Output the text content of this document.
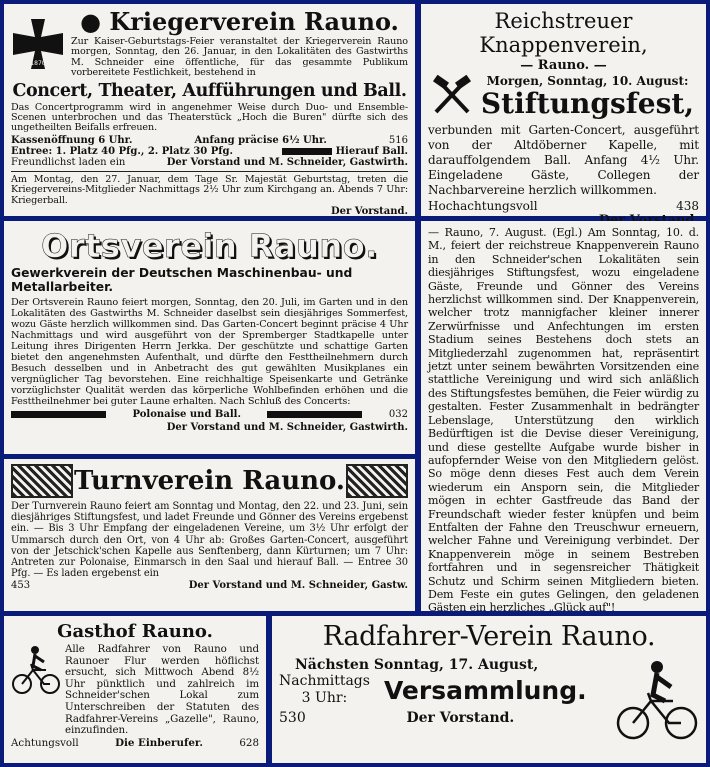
1870
● Kriegerverein Rauno.
Zur Kaiser-Geburtstags-Feier veranstaltet der Kriegerverein Rauno morgen, Sonntag, den 26. Januar, in den Lokalitäten des Gastwirths M. Schneider eine öffentliche, für das gesammte Publikum vorbereitete Festlichkeit, bestehend in
Concert, Theater, Aufführungen und Ball.
Das Concertprogramm wird in angenehmer Weise durch Duo- und Ensemble-Scenen unterbrochen und das Theaterstück „Hoch die Buren" dürfte sich des ungetheilten Beifalls erfreuen.
Kassenöffnung 6 Uhr.	Anfang präcise 6½ Uhr.	516
Entree: 1. Platz 40 Pfg., 2. Platz 30 Pfg.	Hierauf Ball.
Freundlichst laden ein	Der Vorstand und M. Schneider, Gastwirth.
Am Montag, den 27. Januar, dem Tage Sr. Majestät Geburtstag, treten die Kriegervereins-Mitglieder Nachmittags 2½ Uhr zum Kirchgang an. Abends 7 Uhr: Kriegerball.
Der Vorstand.
Reichstreuer Knappenverein,
— Rauno. —
Morgen, Sonntag, 10. August:
Stiftungsfest,
verbunden mit Garten-Concert, ausgeführt von der Altdöberner Kapelle, mit darauffolgendem Ball. Anfang 4½ Uhr. Eingeladene Gäste, Collegen der Nachbarvereine herzlich willkommen.
Hochachtungsvoll	438
Ortsverein Rauno.
Gewerkverein der Deutschen Maschinenbau- und Metallarbeiter.
Der Ortsverein Rauno feiert morgen, Sonntag, den 20. Juli, im Garten und in den Lokalitäten des Gastwirths M. Schneider daselbst sein diesjähriges Sommerfest, wozu Gäste herzlich willkommen sind. Das Garten-Concert beginnt präcise 4 Uhr Nachmittags und wird ausgeführt von der Spremberger Stadtkapelle unter Leitung ihres Dirigenten Herrn Jerkka. Der geschützte und schattige Garten bietet den angenehmsten Aufenthalt, und dürfte den Festtheilnehmern durch Besuch desselben und in Anbetracht des gut gewählten Musikplanes ein vergnüglicher Tag bevorstehen. Eine reichhaltige Speisenkarte und Getränke vorzüglichster Qualität werden das körperliche Wohlbefinden erhöhen und die Festtheilnehmer bei guter Laune erhalten. Nach Schluß des Concerts:
Polonaise und Ball.	032
Der Vorstand und M. Schneider, Gastwirth.
— Rauno, 7. August. (Egl.) Am Sonntag, 10. d. M., feiert der reichstreue Knappenverein Rauno in den Schneider'schen Lokalitäten sein diesjähriges Stiftungsfest, wozu eingeladene Gäste, Freunde und Gönner des Vereins herzlichst willkommen sind. Der Knappenverein, welcher trotz mannigfacher kleiner innerer Zerwürfnisse und Anfechtungen im ersten Stadium seines Bestehens doch stets an Mitgliederzahl zugenommen hat, repräsentirt jetzt unter seinem bewährten Vorsitzenden eine stattliche Vereinigung und wird sich anläßlich des Stiftungsfestes bemühen, die Feier würdig zu gestalten. Fester Zusammenhalt in bedrängter Lebenslage, Unterstützung den wirklich Bedürftigen ist die Devise dieser Vereinigung, und diese gestellte Aufgabe wurde bisher in aufopfernder Weise von den Mitgliedern gelöst. So möge denn dieses Fest auch dem Verein wiederum ein Ansporn sein, die Mitglieder mögen in echter Gastfreude das Band der Freundschaft wieder fester knüpfen und beim Entfalten der Fahne den Treuschwur erneuern, welcher Fahne und Vereinigung verbindet. Der Knappenverein möge in seinem Bestreben fortfahren und in segensreicher Thätigkeit Schutz und Schirm seinen Mitgliedern bieten. Dem Feste ein gutes Gelingen, den geladenen Gästen ein herzliches „Glück auf"!
Turnverein Rauno.
Der Turnverein Rauno feiert am Sonntag und Montag, den 22. und 23. Juni, sein diesjähriges Stiftungsfest, und ladet Freunde und Gönner des Vereins ergebenst ein. — Bis 3 Uhr Empfang der eingeladenen Vereine, um 3½ Uhr erfolgt der Ummarsch durch den Ort, von 4 Uhr ab: Großes Garten-Concert, ausgeführt von der Jetschick'schen Kapelle aus Senftenberg, dann Kürturnen; um 7 Uhr: Antreten zur Polonaise, Einmarsch in den Saal und hierauf Ball. — Entree 30 Pfg. — Es laden ergebenst ein
453	Der Vorstand und M. Schneider, Gastw.
Gasthof Rauno.
Alle Radfahrer von Rauno und Raunoer Flur werden höflichst ersucht, sich Mittwoch Abend 8½ Uhr pünktlich und zahlreich im Schneider'schen Lokal zum Unterschreiben der Statuten des Radfahrer-Vereins „Gazelle", Rauno, einzufinden.
Achtungsvoll	Die Einberufer.	628
Radfahrer-Verein Rauno.
Nächsten Sonntag, 17. August,
Nachmittags
3 Uhr:	Versammlung.
530	Der Vorstand.
